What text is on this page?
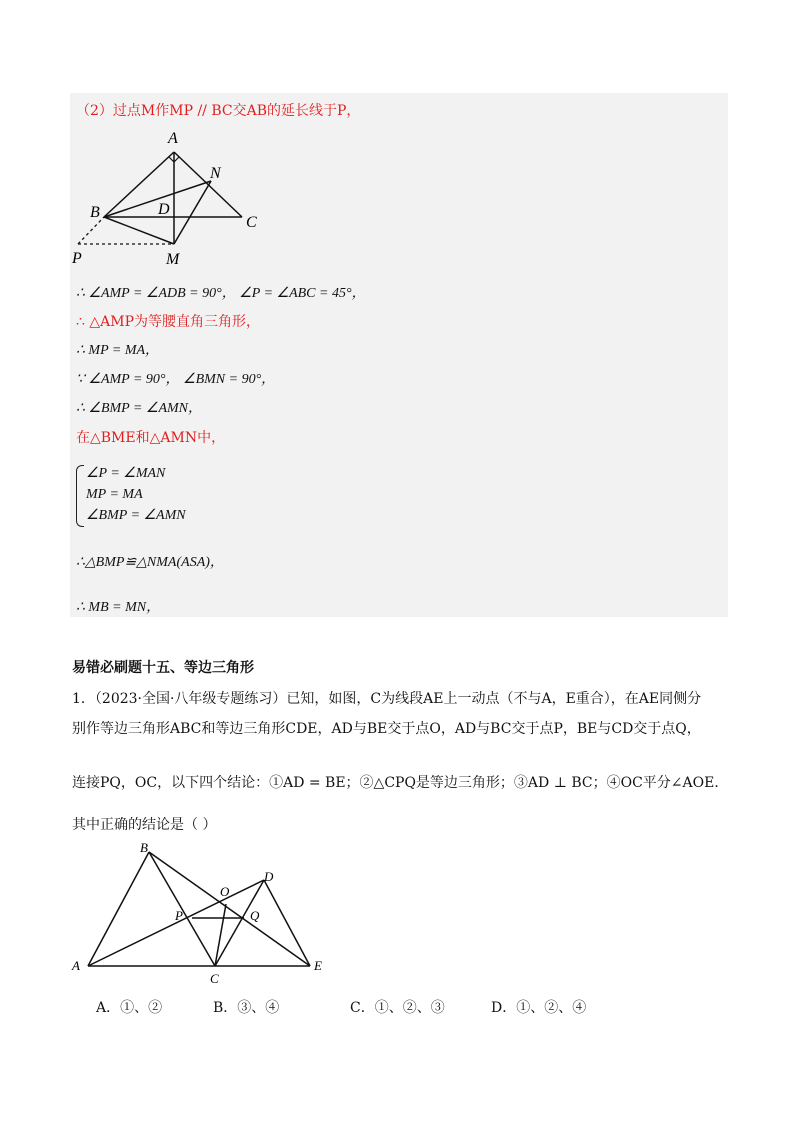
（2）过点M作MP // BC交AB的延长线于P，
A
N
B	D
C
P	M
∴ ∠AMP = ∠ADB = 90°， ∠P = ∠ABC = 45°，
∴ △AMP为等腰直角三角形，
∴ MP = MA，
∵ ∠AMP = 90°， ∠BMN = 90°，
∴ ∠BMP = ∠AMN，
在△BME和△AMN中，
∠P = ∠MAN
MP = MA
∠BMP = ∠AMN
∴△BMP≌△NMA(ASA)，
∴ MB = MN，
易错必刷题十五、等边三角形
1．（2023·全国·八年级专题练习）已知，如图，C为线段AE上一动点（不与A，E重合），在AE同侧分
别作等边三角形ABC和等边三角形CDE，AD与BE交于点O，AD与BC交于点P，BE与CD交于点Q，
连接PQ，OC，以下四个结论：①AD = BE；②△CPQ是等边三角形；③AD ⊥ BC；④OC平分∠AOE．
其中正确的结论是（ ）
B
D
O
P	Q
A
C
E
A．①、②	B．③、④	C．①、②、③	D．①、②、④
